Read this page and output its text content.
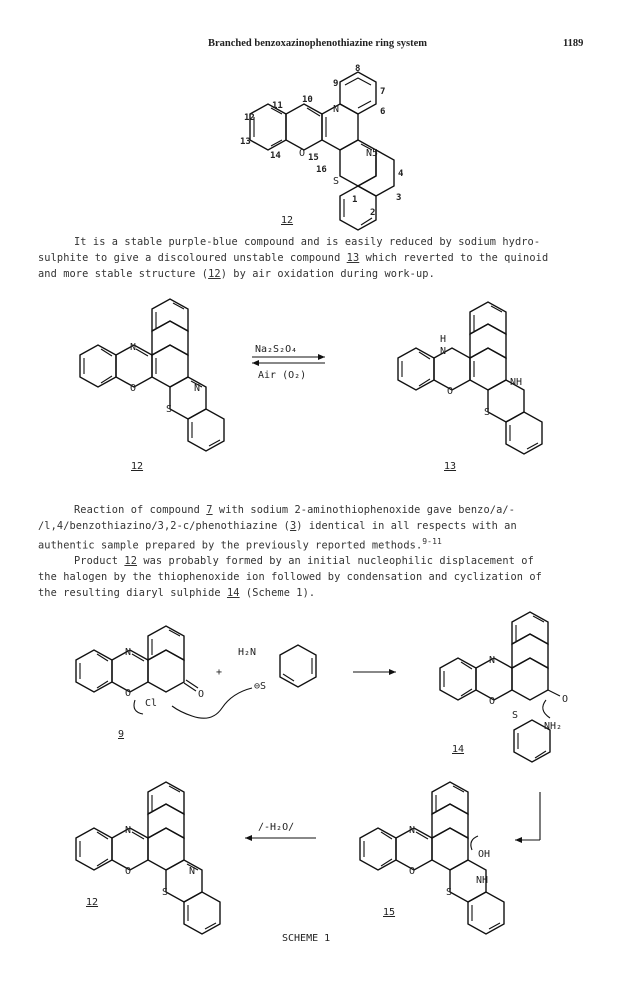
Branched benzoxazinophenothiazine ring system	1189
N
O	N5
S
8
9
7
10
11
6
12
13
4
14	15
16
3
1
2
12
N
O	N
S
Na₂S₂O₄
Air (O₂)
H
N
O
NH
S
12	13
N
O	O
Cl
9
+
H₂N
⊖S
N
O	O
S
NH₂
14
N
O	N
S
12
∕-H₂O∕	N
O
OH
NH
S
15
SCHEME 1

It is a stable purple-blue compound and is easily reduced by sodium hydro-

sulphite to give a discoloured unstable compound 13 which reverted to the quinoid

and more stable structure (12) by air oxidation during work-up.

Reaction of compound 7 with sodium 2-aminothiophenoxide gave benzo∕a∕-

∕l,4∕benzothiazino∕3,2-c∕phenothiazine (3) identical in all respects with an

authentic sample prepared by the previously reported methods.$^{9-11}$

Product 12 was probably formed by an initial nucleophilic displacement of

the halogen by the thiophenoxide ion followed by condensation and cyclization of

the resulting diaryl sulphide 14 (Scheme 1).
